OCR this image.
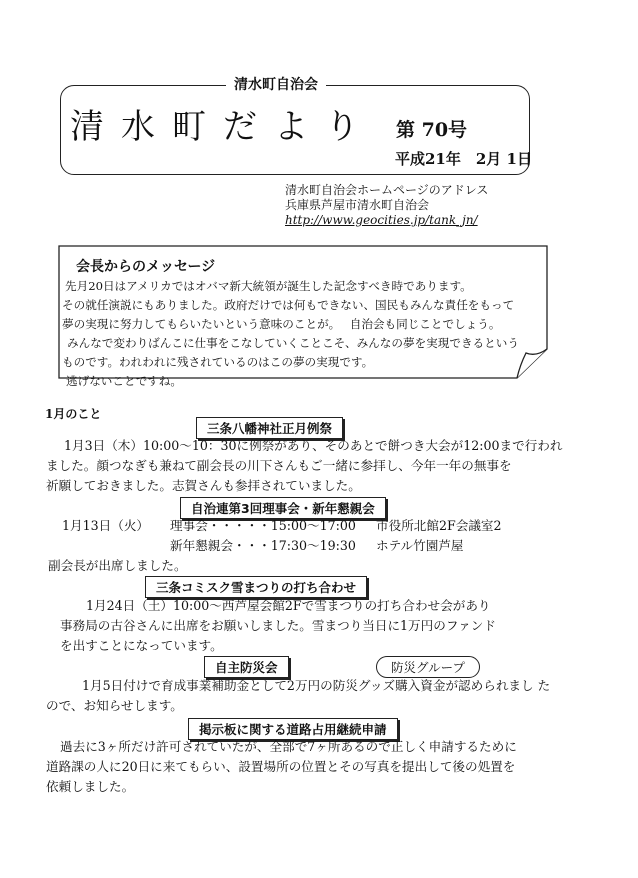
清水町自治会
清水町だより 第 70号
平成21年　2月 1日
清水町自治会ホームページのアドレス
兵庫県芦屋市清水町自治会
http://www.geocities.jp/tank_jn/
会長からのメッセージ
先月20日はアメリカではオバマ新大統領が誕生した記念すべき時であります。
その就任演説にもありました。政府だけでは何もできない、国民もみんな責任をもって
夢の実現に努力してもらいたいという意味のことが。　 自治会も同じことでしょう。
みんなで変わりばんこに仕事をこなしていくことこそ、みんなの夢を実現できるという
ものです。われわれに残されているのはこの夢の実現です。
逃げないことですね。
1月のこと
三条八幡神社正月例祭
1月3日（木）10:00～10：30に例祭があり、そのあとで餅つき大会が12:00まで行われ
ました。顔つなぎも兼ねて副会長の川下さんもご一緒に参拝し、今年一年の無事を
祈願しておきました。志賀さんも参拝されていました。
自治連第3回理事会・新年懇親会
1月13日（火） 理事会・・・・・15:00～17:00 市役所北館2F会議室2
新年懇親会・・・17:30～19:30 ホテル竹園芦屋
副会長が出席しました。
三条コミスク雪まつりの打ち合わせ
1月24日（土）10:00～西芦屋会館2Fで雪まつりの打ち合わせ会があり
事務局の古谷さんに出席をお願いしました。雪まつり当日に1万円のファンド
を出すことになっています。
自主防災会	防災グループ
1月5日付けで育成事業補助金として2万円の防災グッズ購入資金が認められまし た
ので、お知らせします。
掲示板に関する道路占用継続申請
過去に3ヶ所だけ許可されていたが、全部で7ヶ所あるので正しく申請するために
道路課の人に20日に来てもらい、設置場所の位置とその写真を提出して後の処置を
依頼しました。
